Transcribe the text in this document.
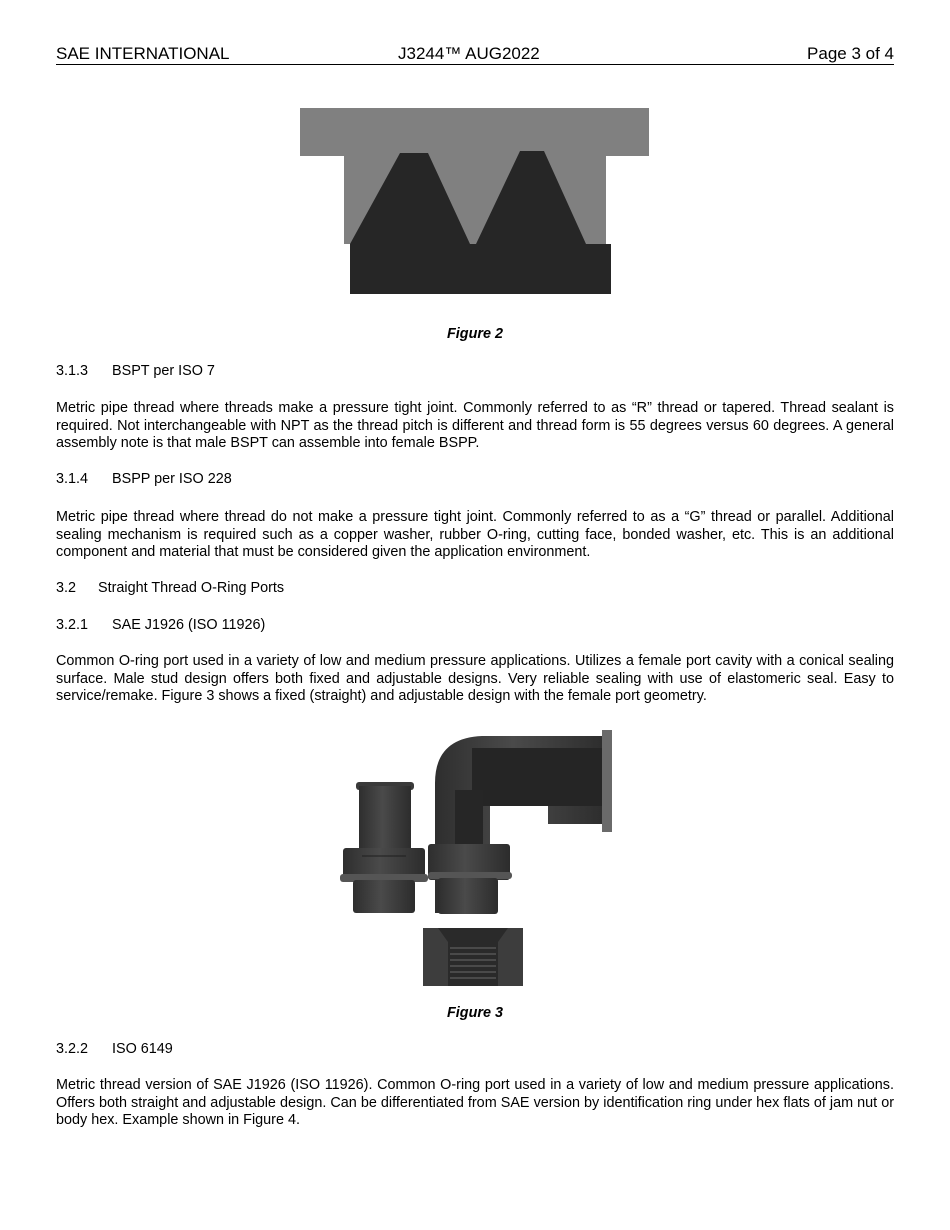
SAE INTERNATIONAL	J3244™ AUG2022	Page 3 of 4
Figure 2
3.1.3 BSPT per ISO 7
Metric pipe thread where threads make a pressure tight joint. Commonly referred to as “R” thread or tapered. Thread sealant is required. Not interchangeable with NPT as the thread pitch is different and thread form is 55 degrees versus 60 degrees. A general assembly note is that male BSPT can assemble into female BSPP.
3.1.4 BSPP per ISO 228
Metric pipe thread where thread do not make a pressure tight joint. Commonly referred to as a “G” thread or parallel. Additional sealing mechanism is required such as a copper washer, rubber O-ring, cutting face, bonded washer, etc. This is an additional component and material that must be considered given the application environment.
3.2 Straight Thread O-Ring Ports
3.2.1 SAE J1926 (ISO 11926)
Common O-ring port used in a variety of low and medium pressure applications. Utilizes a female port cavity with a conical sealing surface. Male stud design offers both fixed and adjustable designs. Very reliable sealing with use of elastomeric seal. Easy to service/remake. Figure 3 shows a fixed (straight) and adjustable design with the female port geometry.
Figure 3
3.2.2 ISO 6149
Metric thread version of SAE J1926 (ISO 11926). Common O-ring port used in a variety of low and medium pressure applications. Offers both straight and adjustable design. Can be differentiated from SAE version by identification ring under hex flats of jam nut or body hex. Example shown in Figure 4.
